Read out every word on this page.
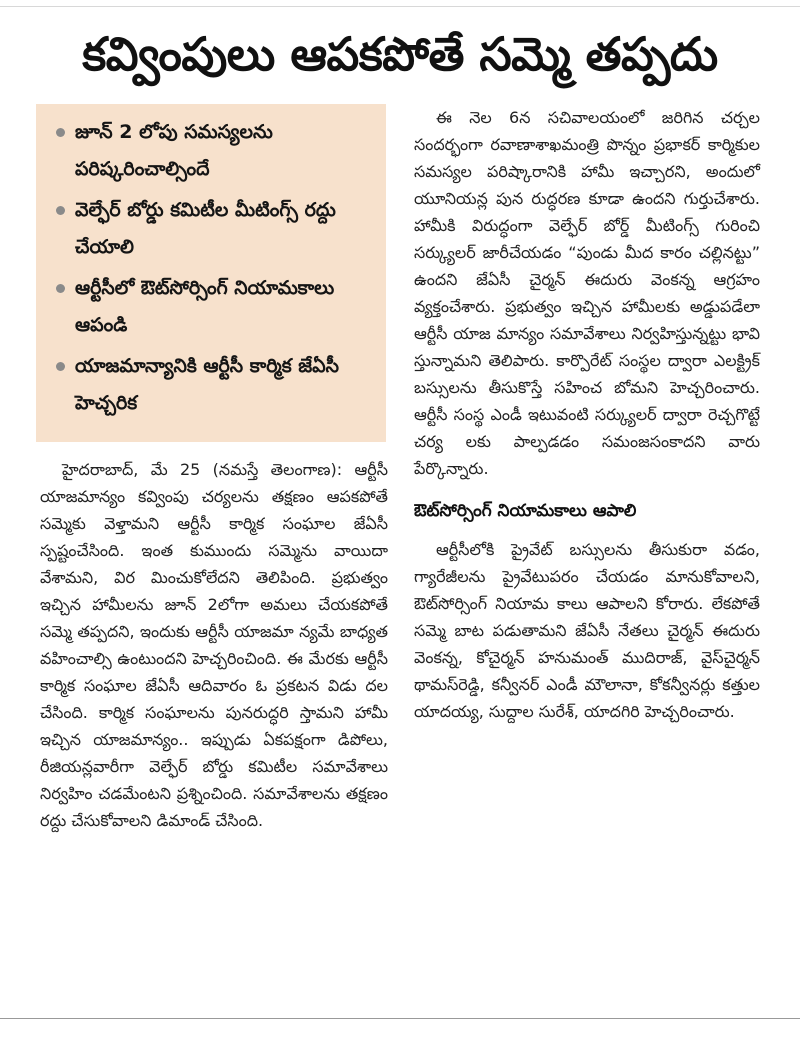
కవ్వింపులు ఆపకపోతే సమ్మె తప్పదు
జూన్ 2 లోపు సమస్యలను పరిష్కరించాల్సిందే
వెల్ఫేర్ బోర్డు కమిటీల మీటింగ్స్ రద్దు చేయాలి
ఆర్టీసీలో ఔట్‌సోర్సింగ్ నియామకాలు ఆపండి
యాజమాన్యానికి ఆర్టీసీ కార్మిక జేఏసీ హెచ్చరిక

హైదరాబాద్, మే 25 (నమస్తే తెలంగాణ): ఆర్టీసీ యాజమాన్యం కవ్వింపు చర్యలను తక్షణం ఆపకపోతే సమ్మెకు వెళ్తామని ఆర్టీసీ కార్మిక సంఘాల జేఏసీ స్పష్టంచేసింది. ఇంత కుముందు సమ్మెను వాయిదా వేశామని, విర మించుకోలేదని తెలిపింది. ప్రభుత్వం ఇచ్చిన హామీలను జూన్ 2లోగా అమలు చేయకపోతే సమ్మె తప్పదని, ఇందుకు ఆర్టీసీ యాజమా న్యమే బాధ్యత వహించాల్సి ఉంటుందని హెచ్చరించింది. ఈ మేరకు ఆర్టీసీ కార్మిక సంఘాల జేఏసీ ఆదివారం ఓ ప్రకటన విడు దల చేసింది. కార్మిక సంఘాలను పునరుద్ధరి స్తామని హామీ ఇచ్చిన యాజమాన్యం.. ఇప్పుడు ఏకపక్షంగా డిపోలు, రీజియన్లవారీగా వెల్ఫేర్ బోర్డు కమిటీల సమావేశాలు నిర్వహిం చడమేంటని ప్రశ్నించింది. సమావేశాలను తక్షణం రద్దు చేసుకోవాలని డిమాండ్ చేసింది.

ఈ నెల 6న సచివాలయంలో జరిగిన చర్చల సందర్భంగా రవాణాశాఖమంత్రి పొన్నం ప్రభాకర్ కార్మికుల సమస్యల పరిష్కారానికి హామీ ఇచ్చారని, అందులో యూనియన్ల పున రుద్ధరణ కూడా ఉందని గుర్తుచేశారు. హామీకి విరుద్ధంగా వెల్ఫేర్ బోర్డ్ మీటింగ్స్ గురించి సర్క్యులర్ జారీచేయడం “పుండు మీద కారం చల్లినట్టు” ఉందని జేఏసీ చైర్మన్ ఈదురు వెంకన్న ఆగ్రహం వ్యక్తంచేశారు. ప్రభుత్వం ఇచ్చిన హామీలకు అడ్డుపడేలా ఆర్టీసీ యాజ మాన్యం సమావేశాలు నిర్వహిస్తున్నట్టు భావి స్తున్నామని తెలిపారు. కార్పొరేట్ సంస్థల ద్వారా ఎలక్ట్రిక్ బస్సులను తీసుకొస్తే సహించ బోమని హెచ్చరించారు. ఆర్టీసీ సంస్థ ఎండీ ఇటువంటి సర్క్యులర్ ద్వారా రెచ్చగొట్టే చర్య లకు పాల్పడడం సమంజసంకాదని వారు పేర్కొన్నారు.

ఔట్‌సోర్సింగ్ నియామకాలు ఆపాలి

ఆర్టీసీలోకి ప్రైవేట్ బస్సులను తీసుకురా వడం, గ్యారేజీలను ప్రైవేటుపరం చేయడం మానుకోవాలని, ఔట్‌సోర్సింగ్ నియామ కాలు ఆపాలని కోరారు. లేకపోతే సమ్మె బాట పడుతామని జేఏసీ నేతలు చైర్మన్ ఈదురు వెంకన్న, కోచైర్మన్ హనుమంత్ ముదిరాజ్, వైస్‌చైర్మన్ థామస్‌రెడ్డి, కన్వీనర్ ఎండీ మౌలానా, కోకన్వీనర్లు కత్తుల యాదయ్య, సుద్దాల సురేశ్, యాదగిరి హెచ్చరించారు.
